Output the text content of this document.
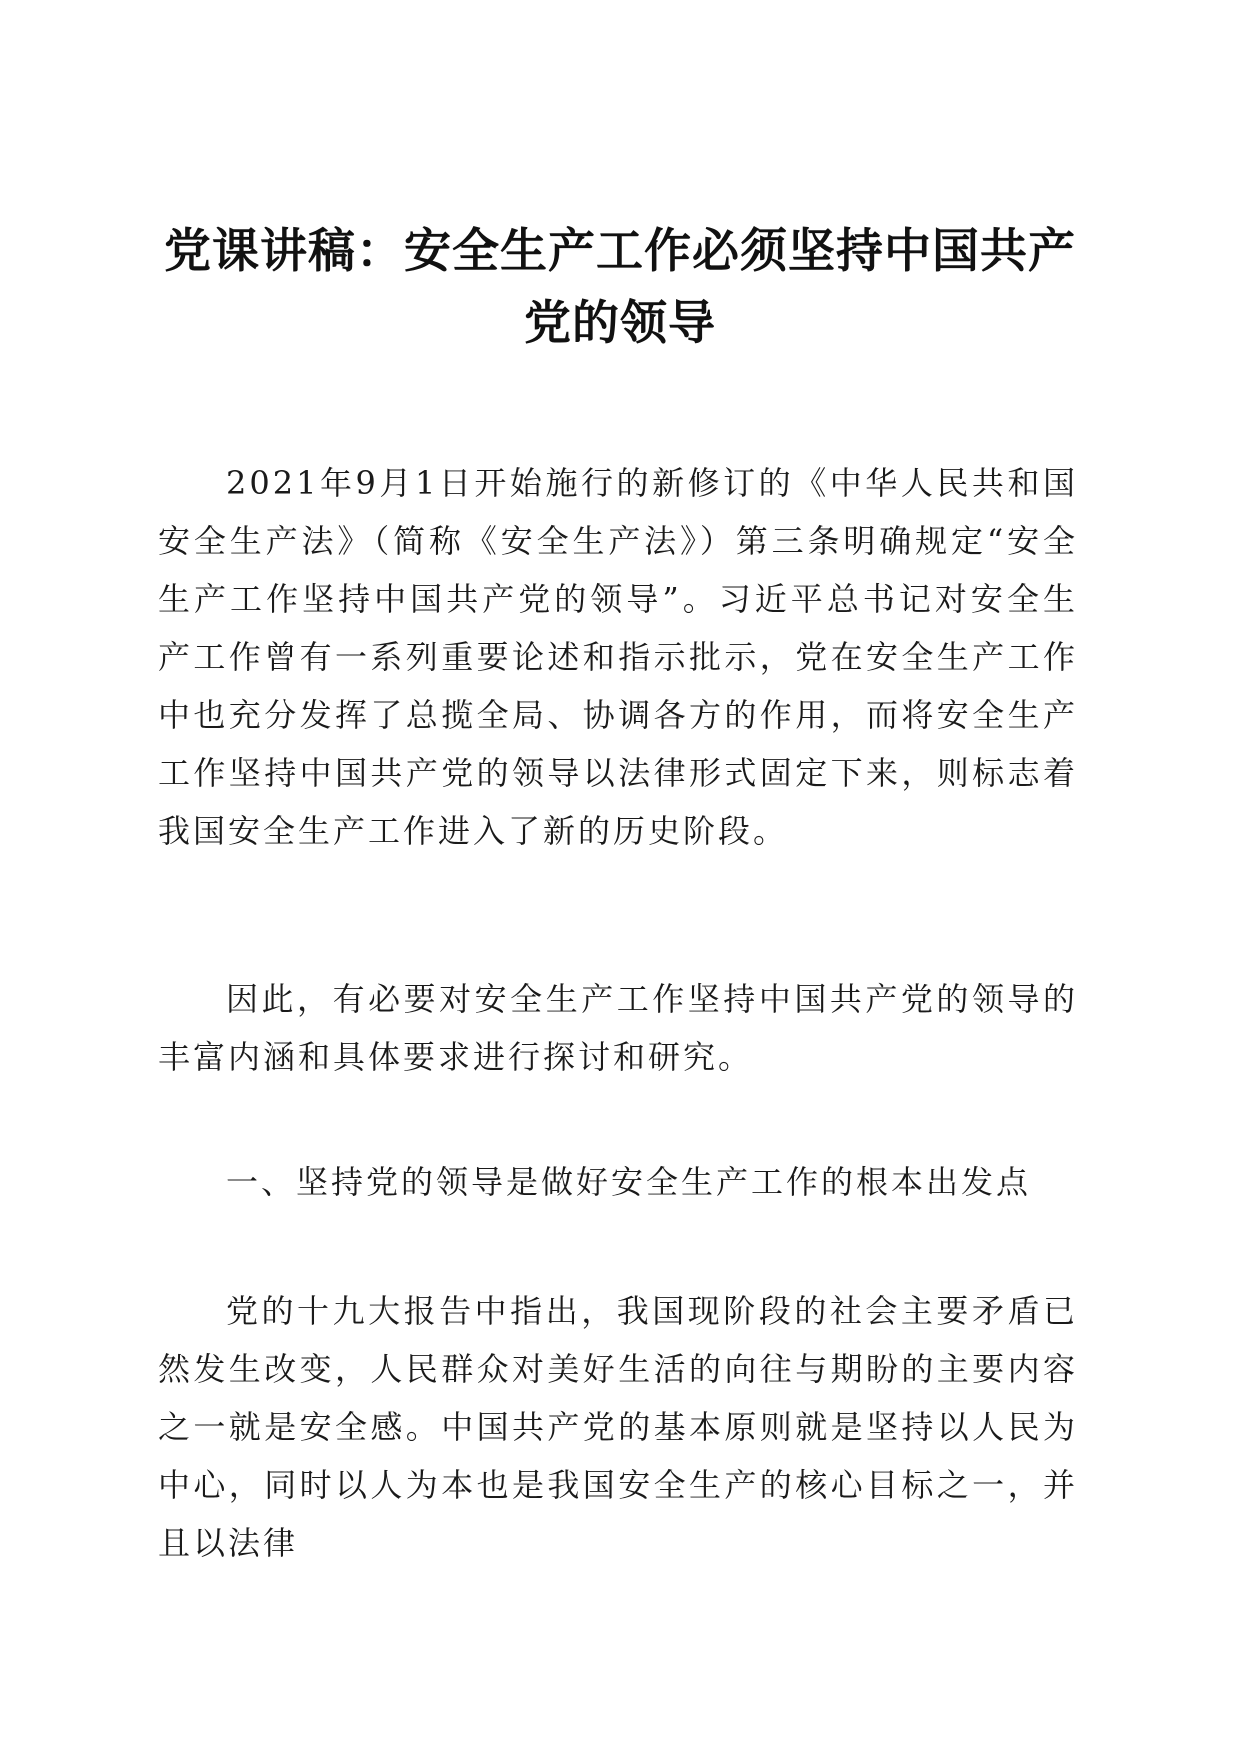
党课讲稿：安全生产工作必须坚持中国共产党的领导

2021年9月1日开始施行的新修订的《中华人民共和国安全生产法》（简称《安全生产法》）第三条明确规定“安全生产工作坚持中国共产党的领导”。习近平总书记对安全生产工作曾有一系列重要论述和指示批示，党在安全生产工作中也充分发挥了总揽全局、协调各方的作用，而将安全生产工作坚持中国共产党的领导以法律形式固定下来，则标志着我国安全生产工作进入了新的历史阶段。

因此，有必要对安全生产工作坚持中国共产党的领导的丰富内涵和具体要求进行探讨和研究。

一、坚持党的领导是做好安全生产工作的根本出发点

党的十九大报告中指出，我国现阶段的社会主要矛盾已然发生改变，人民群众对美好生活的向往与期盼的主要内容之一就是安全感。中国共产党的基本原则就是坚持以人民为中心，同时以人为本也是我国安全生产的核心目标之一，并且以法律
